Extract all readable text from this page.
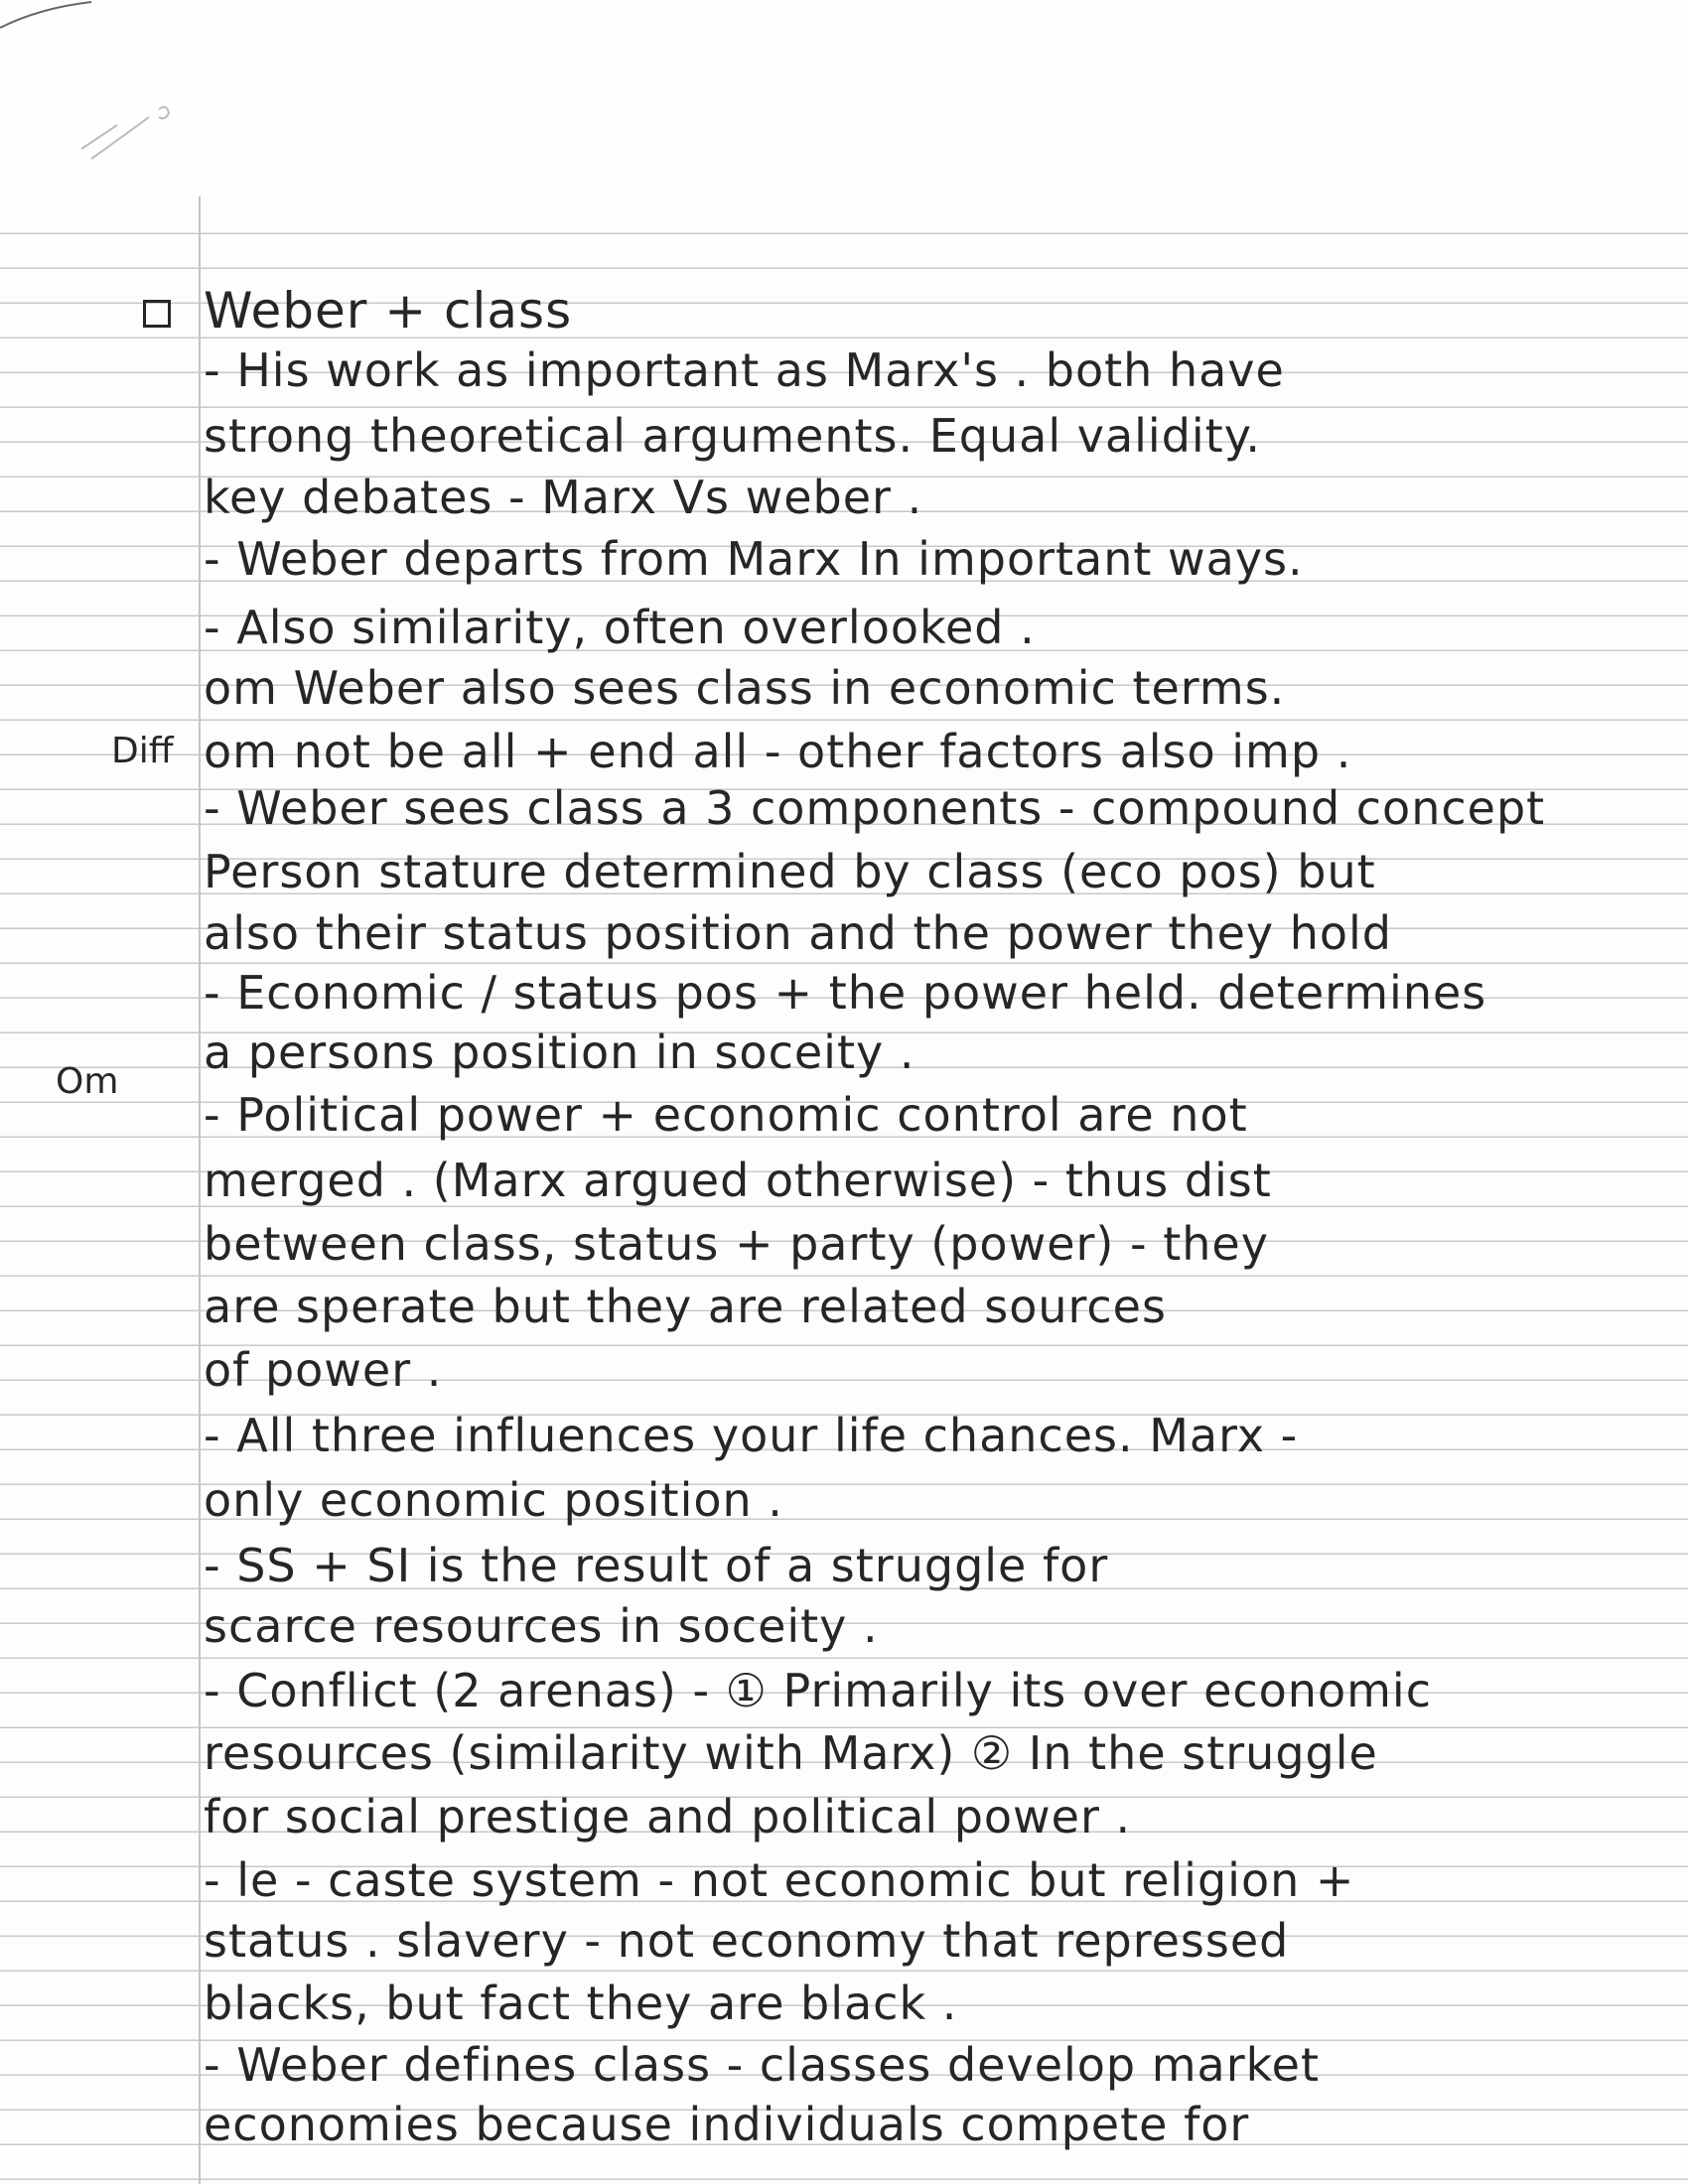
Diff
Om
Weber + class
- His work as important as Marx's . both have
strong theoretical arguments. Equal validity.
key debates - Marx Vs weber .
- Weber departs from Marx In important ways.
- Also similarity, often overlooked .
om Weber also sees class in economic terms.
om not be all + end all - other factors also imp .
- Weber sees class a 3 components - compound concept
Person stature determined by class (eco pos) but
also their status position and the power they hold
- Economic / status pos + the power held. determines
a persons position in soceity .
- Political power + economic control are not
merged . (Marx argued otherwise) - thus dist
between class, status + party (power) - they
are sperate but they are related sources
of power .
- All three influences your life chances. Marx -
only economic position .
- SS + SI is the result of a struggle for
scarce resources in soceity .
- Conflict (2 arenas) - ① Primarily its over economic
resources (similarity with Marx) ② In the struggle
for social prestige and political power .
- le - caste system - not economic but religion +
status . slavery - not economy that repressed
blacks, but fact they are black .
- Weber defines class - classes develop market
economies because individuals compete for
